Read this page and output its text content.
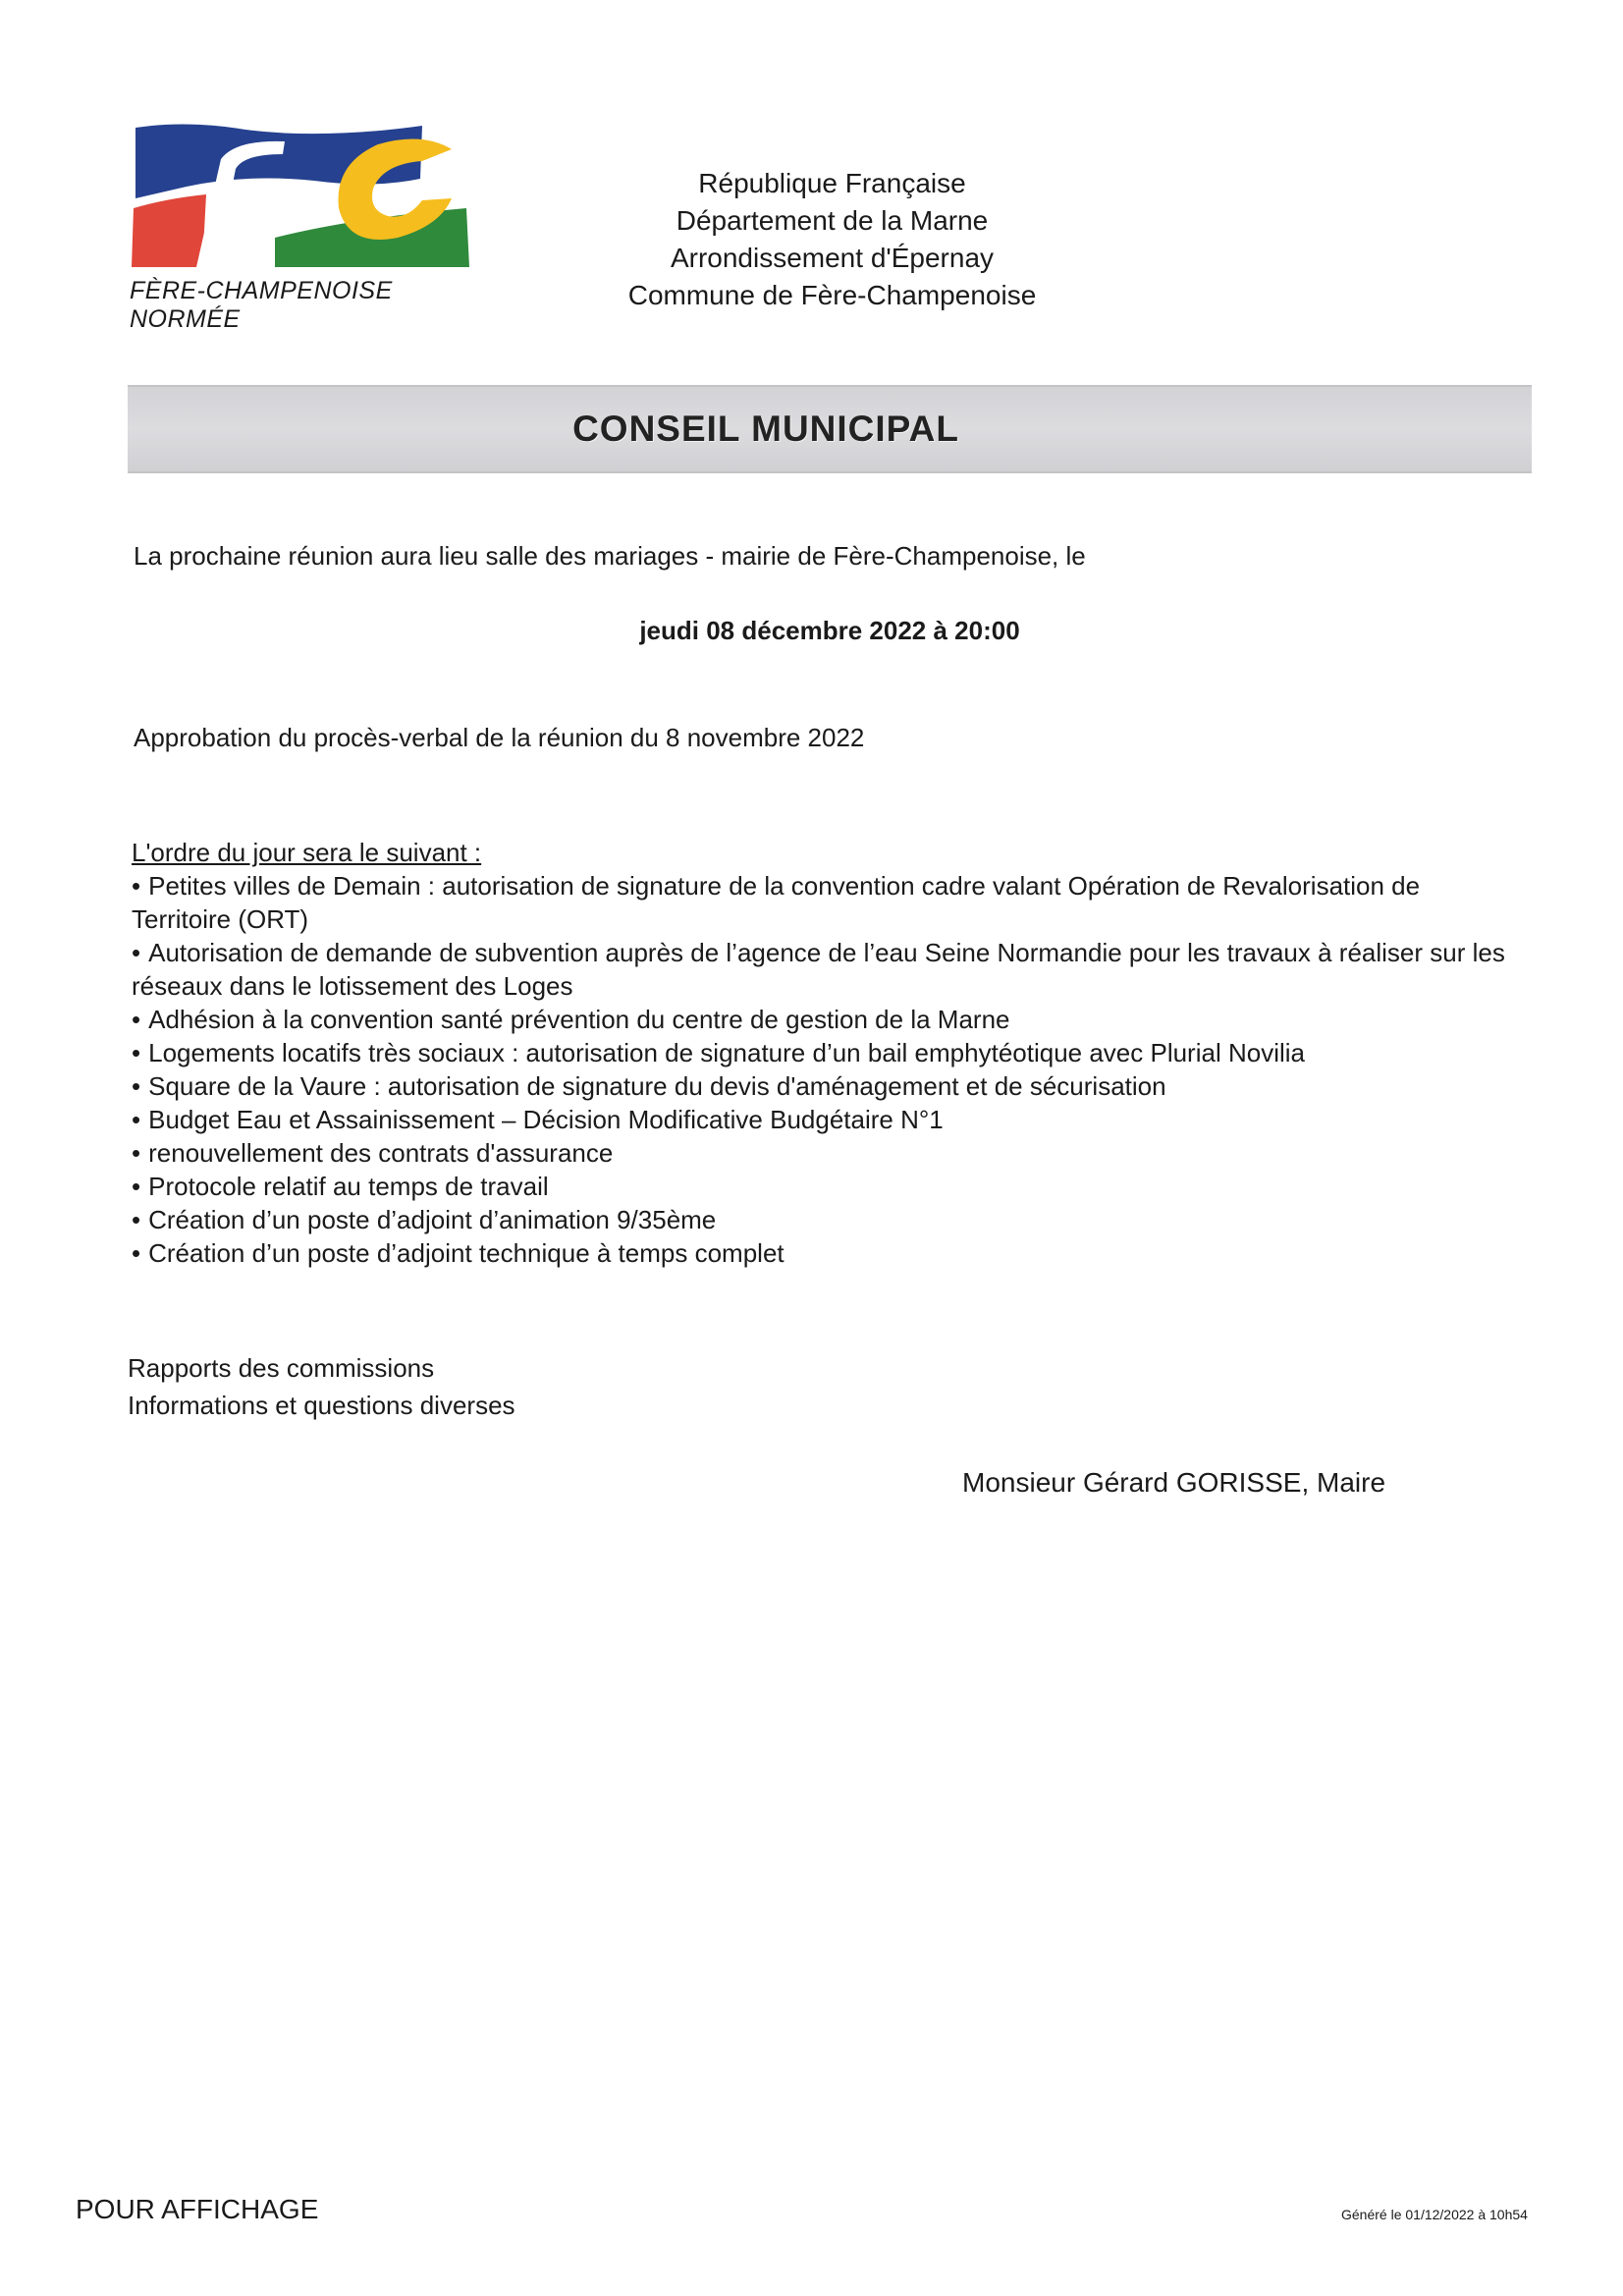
FÈRE-CHAMPENOISE NORMÉE
République Française
Département de la Marne
Arrondissement d'Épernay
Commune de Fère-Champenoise
CONSEIL MUNICIPAL
La prochaine réunion aura lieu salle des mariages - mairie de Fère-Champenoise, le
jeudi 08 décembre 2022 à 20:00
Approbation du procès-verbal de la réunion du 8 novembre 2022
L'ordre du jour sera le suivant :
• Petites villes de Demain : autorisation de signature de la convention cadre valant Opération de Revalorisation de Territoire (ORT)
• Autorisation de demande de subvention auprès de l’agence de l’eau Seine Normandie pour les travaux à réaliser sur les réseaux dans le lotissement des Loges
• Adhésion à la convention santé prévention du centre de gestion de la Marne
• Logements locatifs très sociaux : autorisation de signature d’un bail emphytéotique avec Plurial Novilia
• Square de la Vaure : autorisation de signature du devis d'aménagement et de sécurisation
• Budget Eau et Assainissement – Décision Modificative Budgétaire N°1
• renouvellement des contrats d'assurance
• Protocole relatif au temps de travail
• Création d’un poste d’adjoint d’animation 9/35ème
• Création d’un poste d’adjoint technique à temps complet
Rapports des commissions
Informations et questions diverses
Monsieur Gérard GORISSE, Maire
POUR AFFICHAGE	Généré le 01/12/2022 à 10h54
